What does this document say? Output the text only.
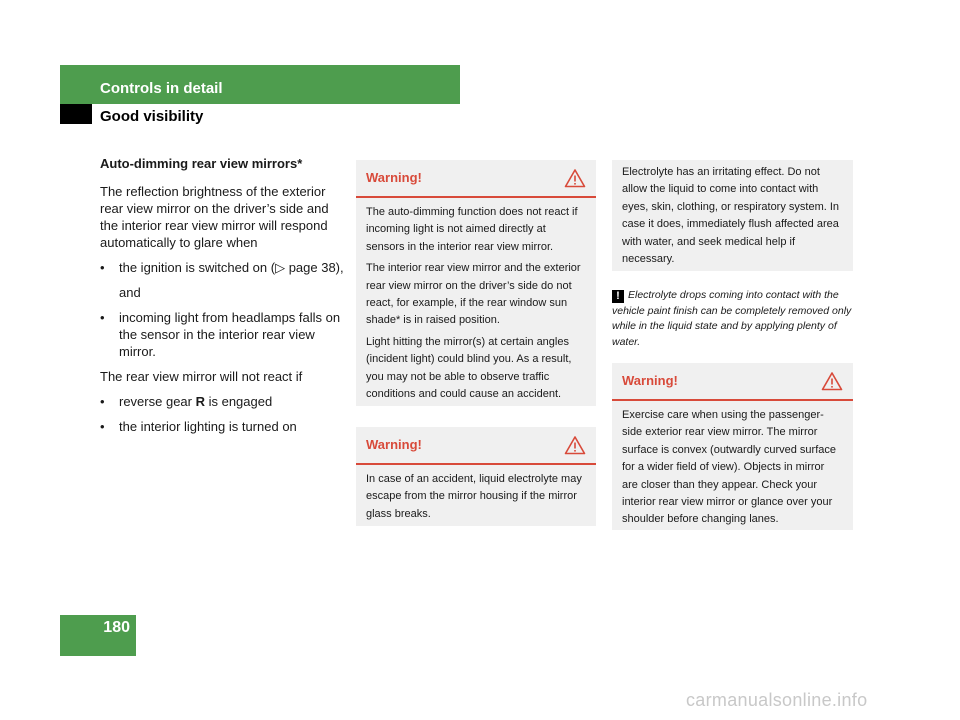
Controls in detail
Good visibility
Auto-dimming rear view mirrors*

The reflection brightness of the exterior rear view mirror on the driver’s side and the interior rear view mirror will respond automatically to glare when

• the ignition is switched on (▷ page 38),
and
• incoming light from headlamps falls on the sensor in the interior rear view mirror.

The rear view mirror will not react if

• reverse gear R is engaged
• the interior lighting is turned on
Warning!

The auto-dimming function does not react if incoming light is not aimed directly at sensors in the interior rear view mirror.

The interior rear view mirror and the exterior rear view mirror on the driver’s side do not react, for example, if the rear window sun shade* is in raised position.

Light hitting the mirror(s) at certain angles (incident light) could blind you. As a result, you may not be able to observe traffic conditions and could cause an accident.

Warning!

In case of an accident, liquid electrolyte may escape from the mirror housing if the mirror glass breaks.

Electrolyte has an irritating effect. Do not allow the liquid to come into contact with eyes, skin, clothing, or respiratory system. In case it does, immediately flush affected area with water, and seek medical help if necessary.

! Electrolyte drops coming into contact with the vehicle paint finish can be completely removed only while in the liquid state and by applying plenty of water.
Warning!

Exercise care when using the passenger-side exterior rear view mirror. The mirror surface is convex (outwardly curved surface for a wider field of view). Objects in mirror are closer than they appear. Check your interior rear view mirror or glance over your shoulder before changing lanes.

180
carmanualsonline.info
